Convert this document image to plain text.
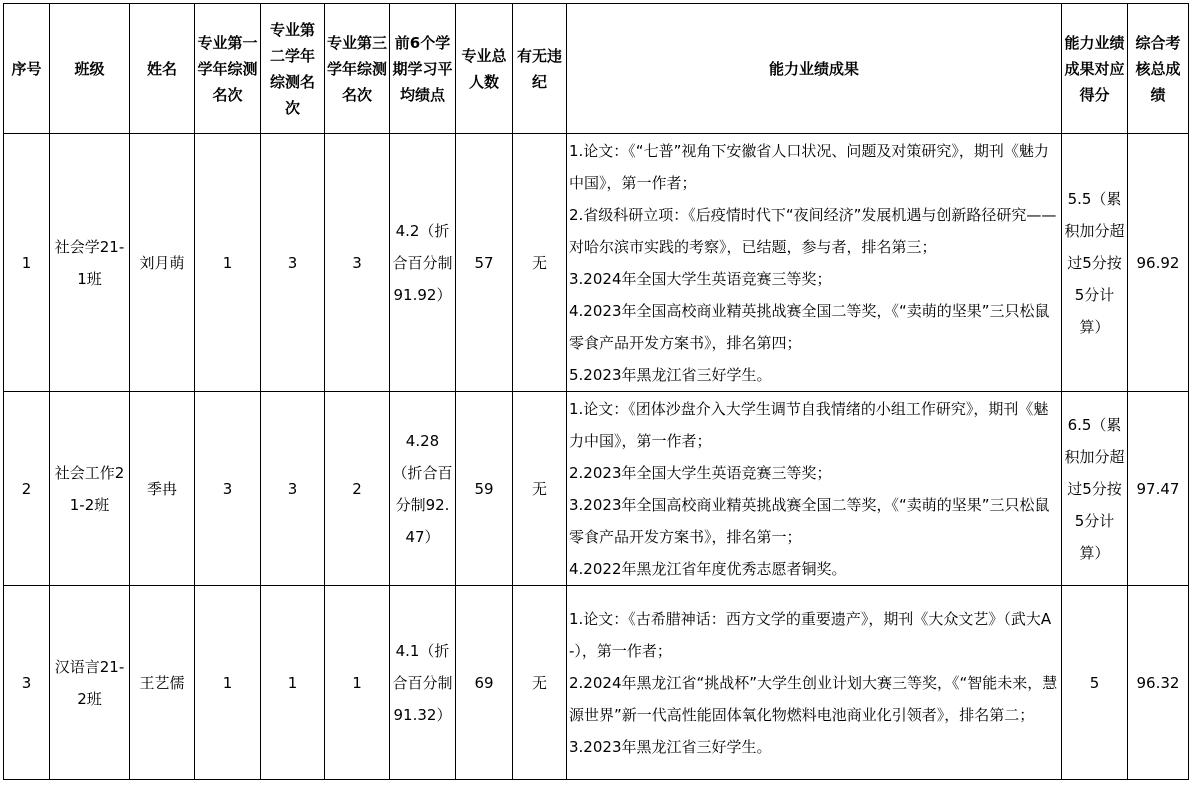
序号	班级	姓名	专业第一学年综测名次	专业第二学年综测名次	专业第三学年综测名次	前6个学期学习平均绩点	专业总人数	有无违纪	能力业绩成果	能力业绩成果对应得分	综合考核总成绩
1	社会学21-1班	刘月萌	1	3	3	4.2（折合百分制91.92）	57	无	1.论文：《“七普”视角下安徽省人口状况、问题及对策研究》，期刊《魅力中国》，第一作者；
2.省级科研立项：《后疫情时代下“夜间经济”发展机遇与创新路径研究——对哈尔滨市实践的考察》，已结题，参与者，排名第三；
3.2024年全国大学生英语竞赛三等奖；
4.2023年全国高校商业精英挑战赛全国二等奖，《“卖萌的坚果”三只松鼠零食产品开发方案书》，排名第四；
5.2023年黑龙江省三好学生。	5.5（累积加分超过5分按5分计算）	96.92
2	社会工作21-2班	季冉	3	3	2	4.28（折合百分制92.47）	59	无	1.论文：《团体沙盘介入大学生调节自我情绪的小组工作研究》，期刊《魅力中国》，第一作者；
2.2023年全国大学生英语竞赛三等奖；
3.2023年全国高校商业精英挑战赛全国二等奖，《“卖萌的坚果”三只松鼠零食产品开发方案书》，排名第一；
4.2022年黑龙江省年度优秀志愿者铜奖。	6.5（累积加分超过5分按5分计算）	97.47
3	汉语言21-2班	王艺儒	1	1	1	4.1（折合百分制91.32）	69	无	1.论文：《古希腊神话：西方文学的重要遗产》，期刊《大众文艺》（武大A-），第一作者；
2.2024年黑龙江省“挑战杯”大学生创业计划大赛三等奖，《“智能未来，慧源世界”新一代高性能固体氧化物燃料电池商业化引领者》，排名第二；
3.2023年黑龙江省三好学生。	5	96.32
